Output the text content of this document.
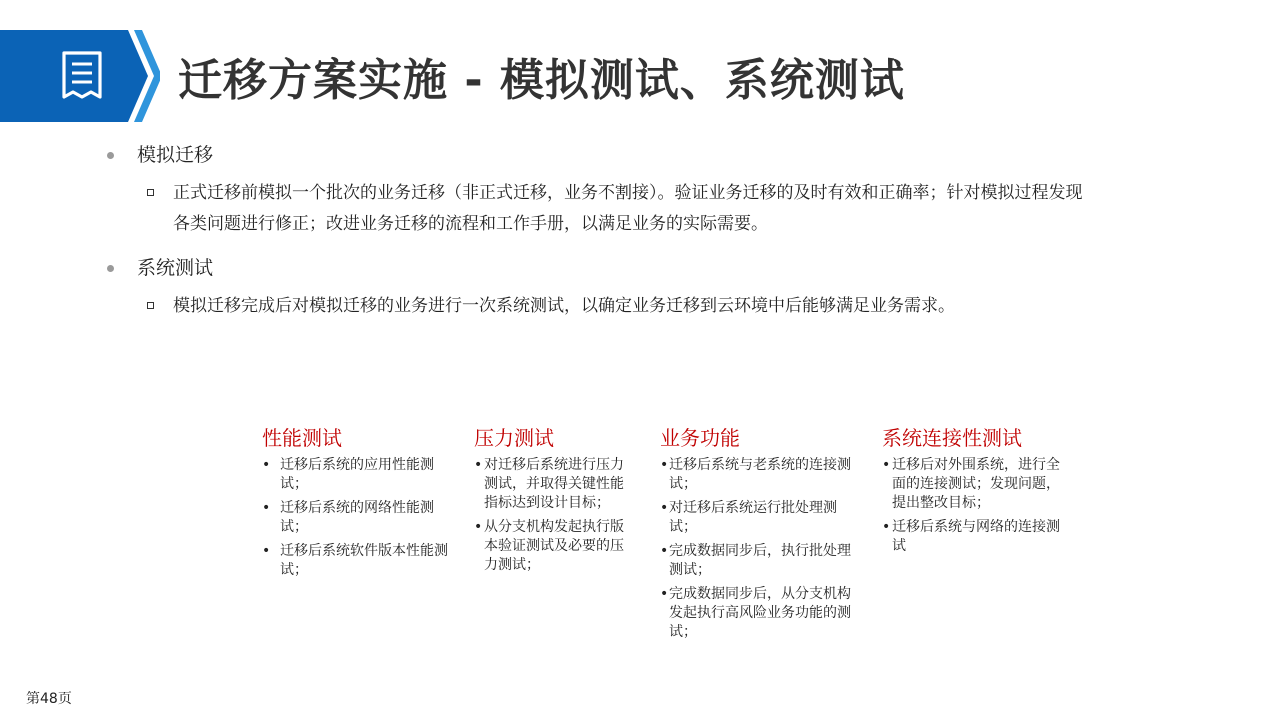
迁移方案实施 - 模拟测试、系统测试
模拟迁移
正式迁移前模拟一个批次的业务迁移（非正式迁移，业务不割接）。验证业务迁移的及时有效和正确率；针对模拟过程发现
各类问题进行修正；改进业务迁移的流程和工作手册，以满足业务的实际需要。
系统测试
模拟迁移完成后对模拟迁移的业务进行一次系统测试，以确定业务迁移到云环境中后能够满足业务需求。
性能测试
• 迁移后系统的应用性能测试；
• 迁移后系统的网络性能测试；
• 迁移后系统软件版本性能测试；
压力测试
• 对迁移后系统进行压力测试，并取得关键性能指标达到设计目标；
• 从分支机构发起执行版本验证测试及必要的压力测试；
业务功能
• 迁移后系统与老系统的连接测试；
• 对迁移后系统运行批处理测试；
• 完成数据同步后，执行批处理测试；
• 完成数据同步后，从分支机构发起执行高风险业务功能的测试；
系统连接性测试
• 迁移后对外围系统，进行全面的连接测试；发现问题，提出整改目标；
• 迁移后系统与网络的连接测试
第48页
